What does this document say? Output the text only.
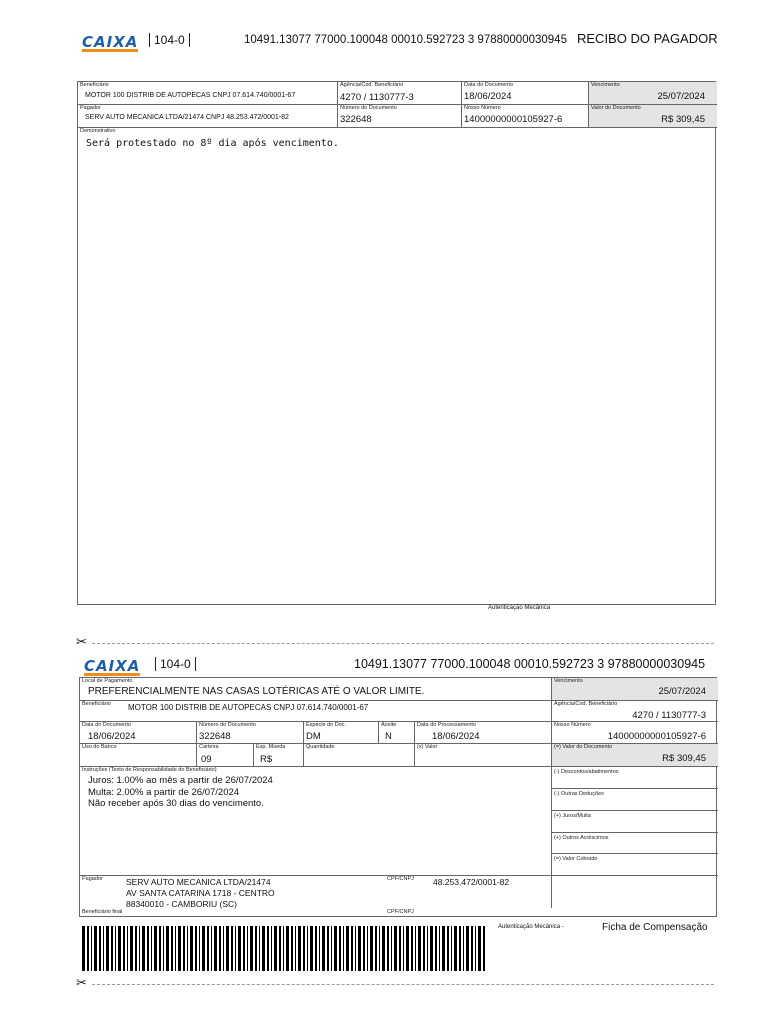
CAIXA	104-0	10491.13077 77000.100048 00010.592723 3 97880000030945 RECIBO DO PAGADOR
Beneficiário
MOTOR 100 DISTRIB DE AUTOPECAS CNPJ 07.614.740/0001-67
Agência/Cod. Beneficiário
4270 / 1130777-3
Data do Documento
18/06/2024
Vencimento
25/07/2024
Pagador
SERV AUTO MECANICA LTDA/21474 CNPJ 48.253.472/0001-82
Número do Documento
322648
Nosso Número
14000000000105927-6
Valor do Documento
R$ 309,45
Demonstrativo
Será protestado no 8º dia após vencimento.
Autenticação Mecânica
✂
CAIXA	104-0	10491.13077 77000.100048 00010.592723 3 97880000030945
Local de Pagamento
PREFERENCIALMENTE NAS CASAS LOTÉRICAS ATÉ O VALOR LIMITE.
Vencimento
25/07/2024
Beneficiário MOTOR 100 DISTRIB DE AUTOPECAS CNPJ 07.614.740/0001-67	Agência/Cod. Beneficiário
4270 / 1130777-3
Data do Documento
18/06/2024
Número do Documento
322648
Espécie do Doc.
DM
Aceite
N
Data do Processamento
18/06/2024
Nosso Número
14000000000105927-6
Uso do Banco	Carteira
09
Esp. Moeda
R$
Quantidade	(x) Valor	(=) Valor do Documento
R$ 309,45
Instruções (Texto de Responsabilidade do Beneficiário)
Juros: 1.00% ao mês a partir de 26/07/2024
Multa: 2.00% a partir de 26/07/2024
Não receber após 30 dias do vencimento.
(-) Descontos/abatimentos
(-) Outras Deduções
(+) Juros/Multa
(+) Outros Acréscimos
(=) Valor Cobrado
Pagador	SERV AUTO MECANICA LTDA/21474
AV SANTA CATARINA 1718 - CENTRO
88340010 - CAMBORIU (SC)
CPF/CNPJ 48.253.472/0001-82
Beneficiário final	CPF/CNPJ
Autenticação Mecânica -	Ficha de Compensação
✂
